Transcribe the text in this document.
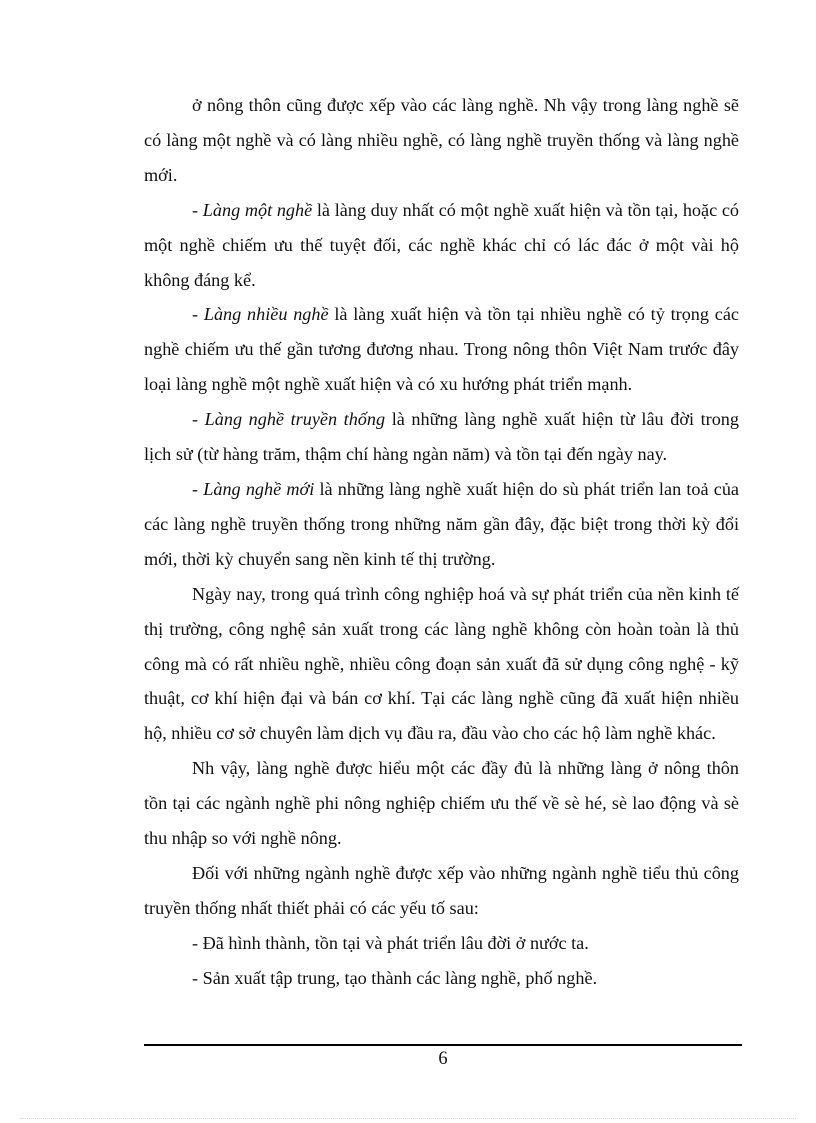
ở nông thôn cũng được xếp vào các làng nghề. Nh vậy trong làng nghề sẽ có làng một nghề và có làng nhiều nghề, có làng nghề truyền thống và làng nghề mới.

- Làng một nghề là làng duy nhất có một nghề xuất hiện và tồn tại, hoặc có một nghề chiếm ưu thế tuyệt đối, các nghề khác chỉ có lác đác ở một vài hộ không đáng kể.

- Làng nhiều nghề là làng xuất hiện và tồn tại nhiều nghề có tỷ trọng các nghề chiếm ưu thế gần tương đương nhau. Trong nông thôn Việt Nam trước đây loại làng nghề một nghề xuất hiện và có xu hướng phát triển mạnh.

- Làng nghề truyền thống là những làng nghề xuất hiện từ lâu đời trong lịch sử (từ hàng trăm, thậm chí hàng ngàn năm) và tồn tại đến ngày nay.

- Làng nghề mới là những làng nghề xuất hiện do sù phát triển lan toả của các làng nghề truyền thống trong những năm gần đây, đặc biệt trong thời kỳ đổi mới, thời kỳ chuyển sang nền kinh tế thị trường.

Ngày nay, trong quá trình công nghiệp hoá và sự phát triển của nền kinh tế thị trường, công nghệ sản xuất trong các làng nghề không còn hoàn toàn là thủ công mà có rất nhiều nghề, nhiều công đoạn sản xuất đã sử dụng công nghệ - kỹ thuật, cơ khí hiện đại và bán cơ khí. Tại các làng nghề cũng đã xuất hiện nhiều hộ, nhiều cơ sở chuyên làm dịch vụ đầu ra, đầu vào cho các hộ làm nghề khác.

Nh vậy, làng nghề được hiểu một các đầy đủ là những làng ở nông thôn tồn tại các ngành nghề phi nông nghiệp chiếm ưu thế về sè hé, sè lao động và sè thu nhập so với nghề nông.

Đối với những ngành nghề được xếp vào những ngành nghề tiểu thủ công truyền thống nhất thiết phải có các yếu tố sau:

- Đã hình thành, tồn tại và phát triển lâu đời ở nước ta.

- Sản xuất tập trung, tạo thành các làng nghề, phố nghề.

6
